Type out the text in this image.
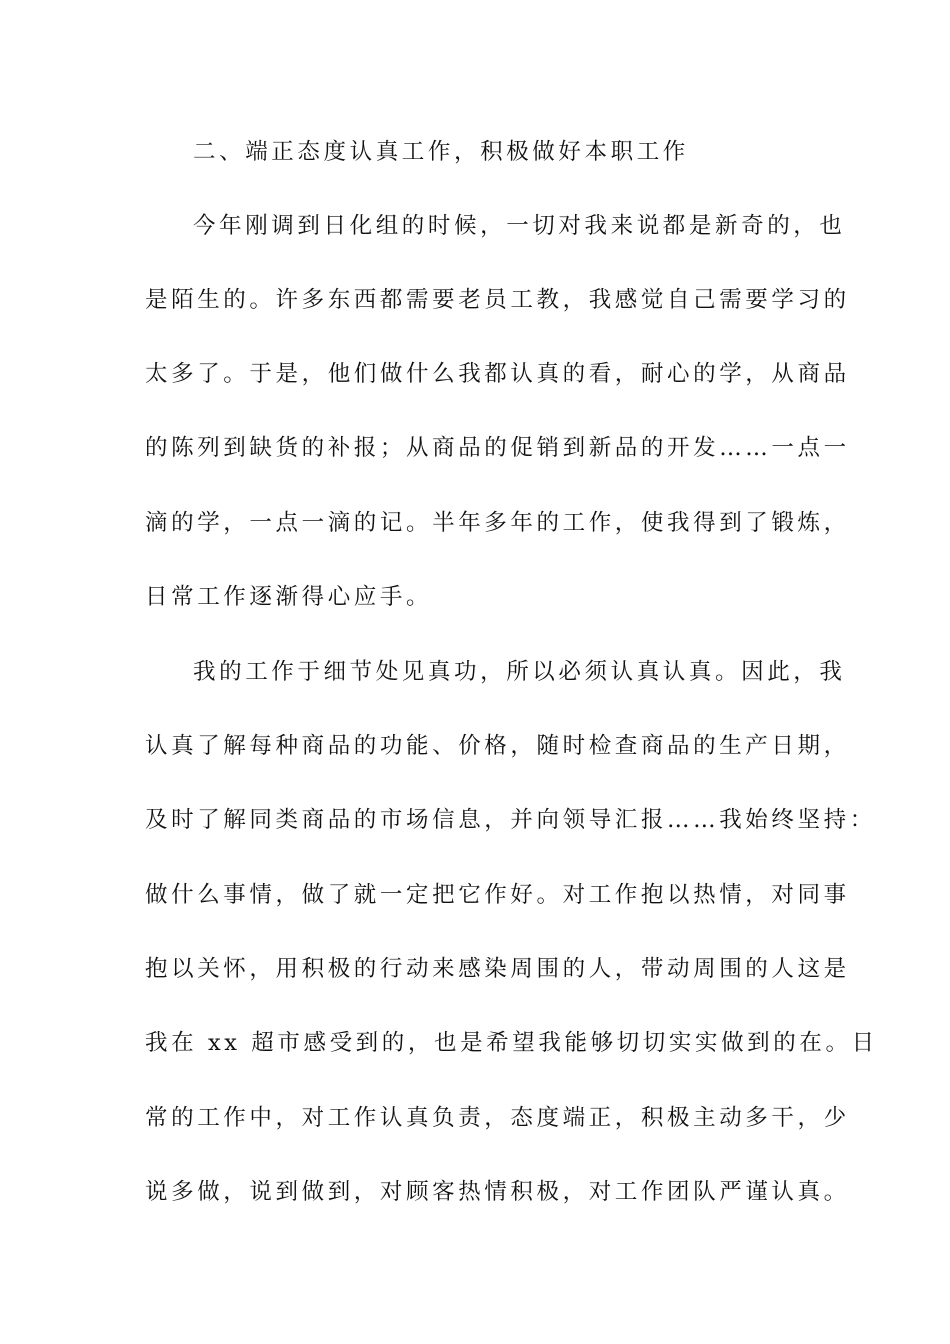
二、端正态度认真工作，积极做好本职工作

今年刚调到日化组的时候，一切对我来说都是新奇的，也

是陌生的。许多东西都需要老员工教，我感觉自己需要学习的

太多了。于是，他们做什么我都认真的看，耐心的学，从商品

的陈列到缺货的补报；从商品的促销到新品的开发……一点一

滴的学，一点一滴的记。半年多年的工作，使我得到了锻炼，

日常工作逐渐得心应手。

我的工作于细节处见真功，所以必须认真认真。因此，我

认真了解每种商品的功能、价格，随时检查商品的生产日期，

及时了解同类商品的市场信息，并向领导汇报……我始终坚持：

做什么事情，做了就一定把它作好。对工作抱以热情，对同事

抱以关怀，用积极的行动来感染周围的人，带动周围的人这是

我在 xx 超市感受到的，也是希望我能够切切实实做到的在。日

常的工作中，对工作认真负责，态度端正，积极主动多干，少

说多做，说到做到，对顾客热情积极，对工作团队严谨认真。
